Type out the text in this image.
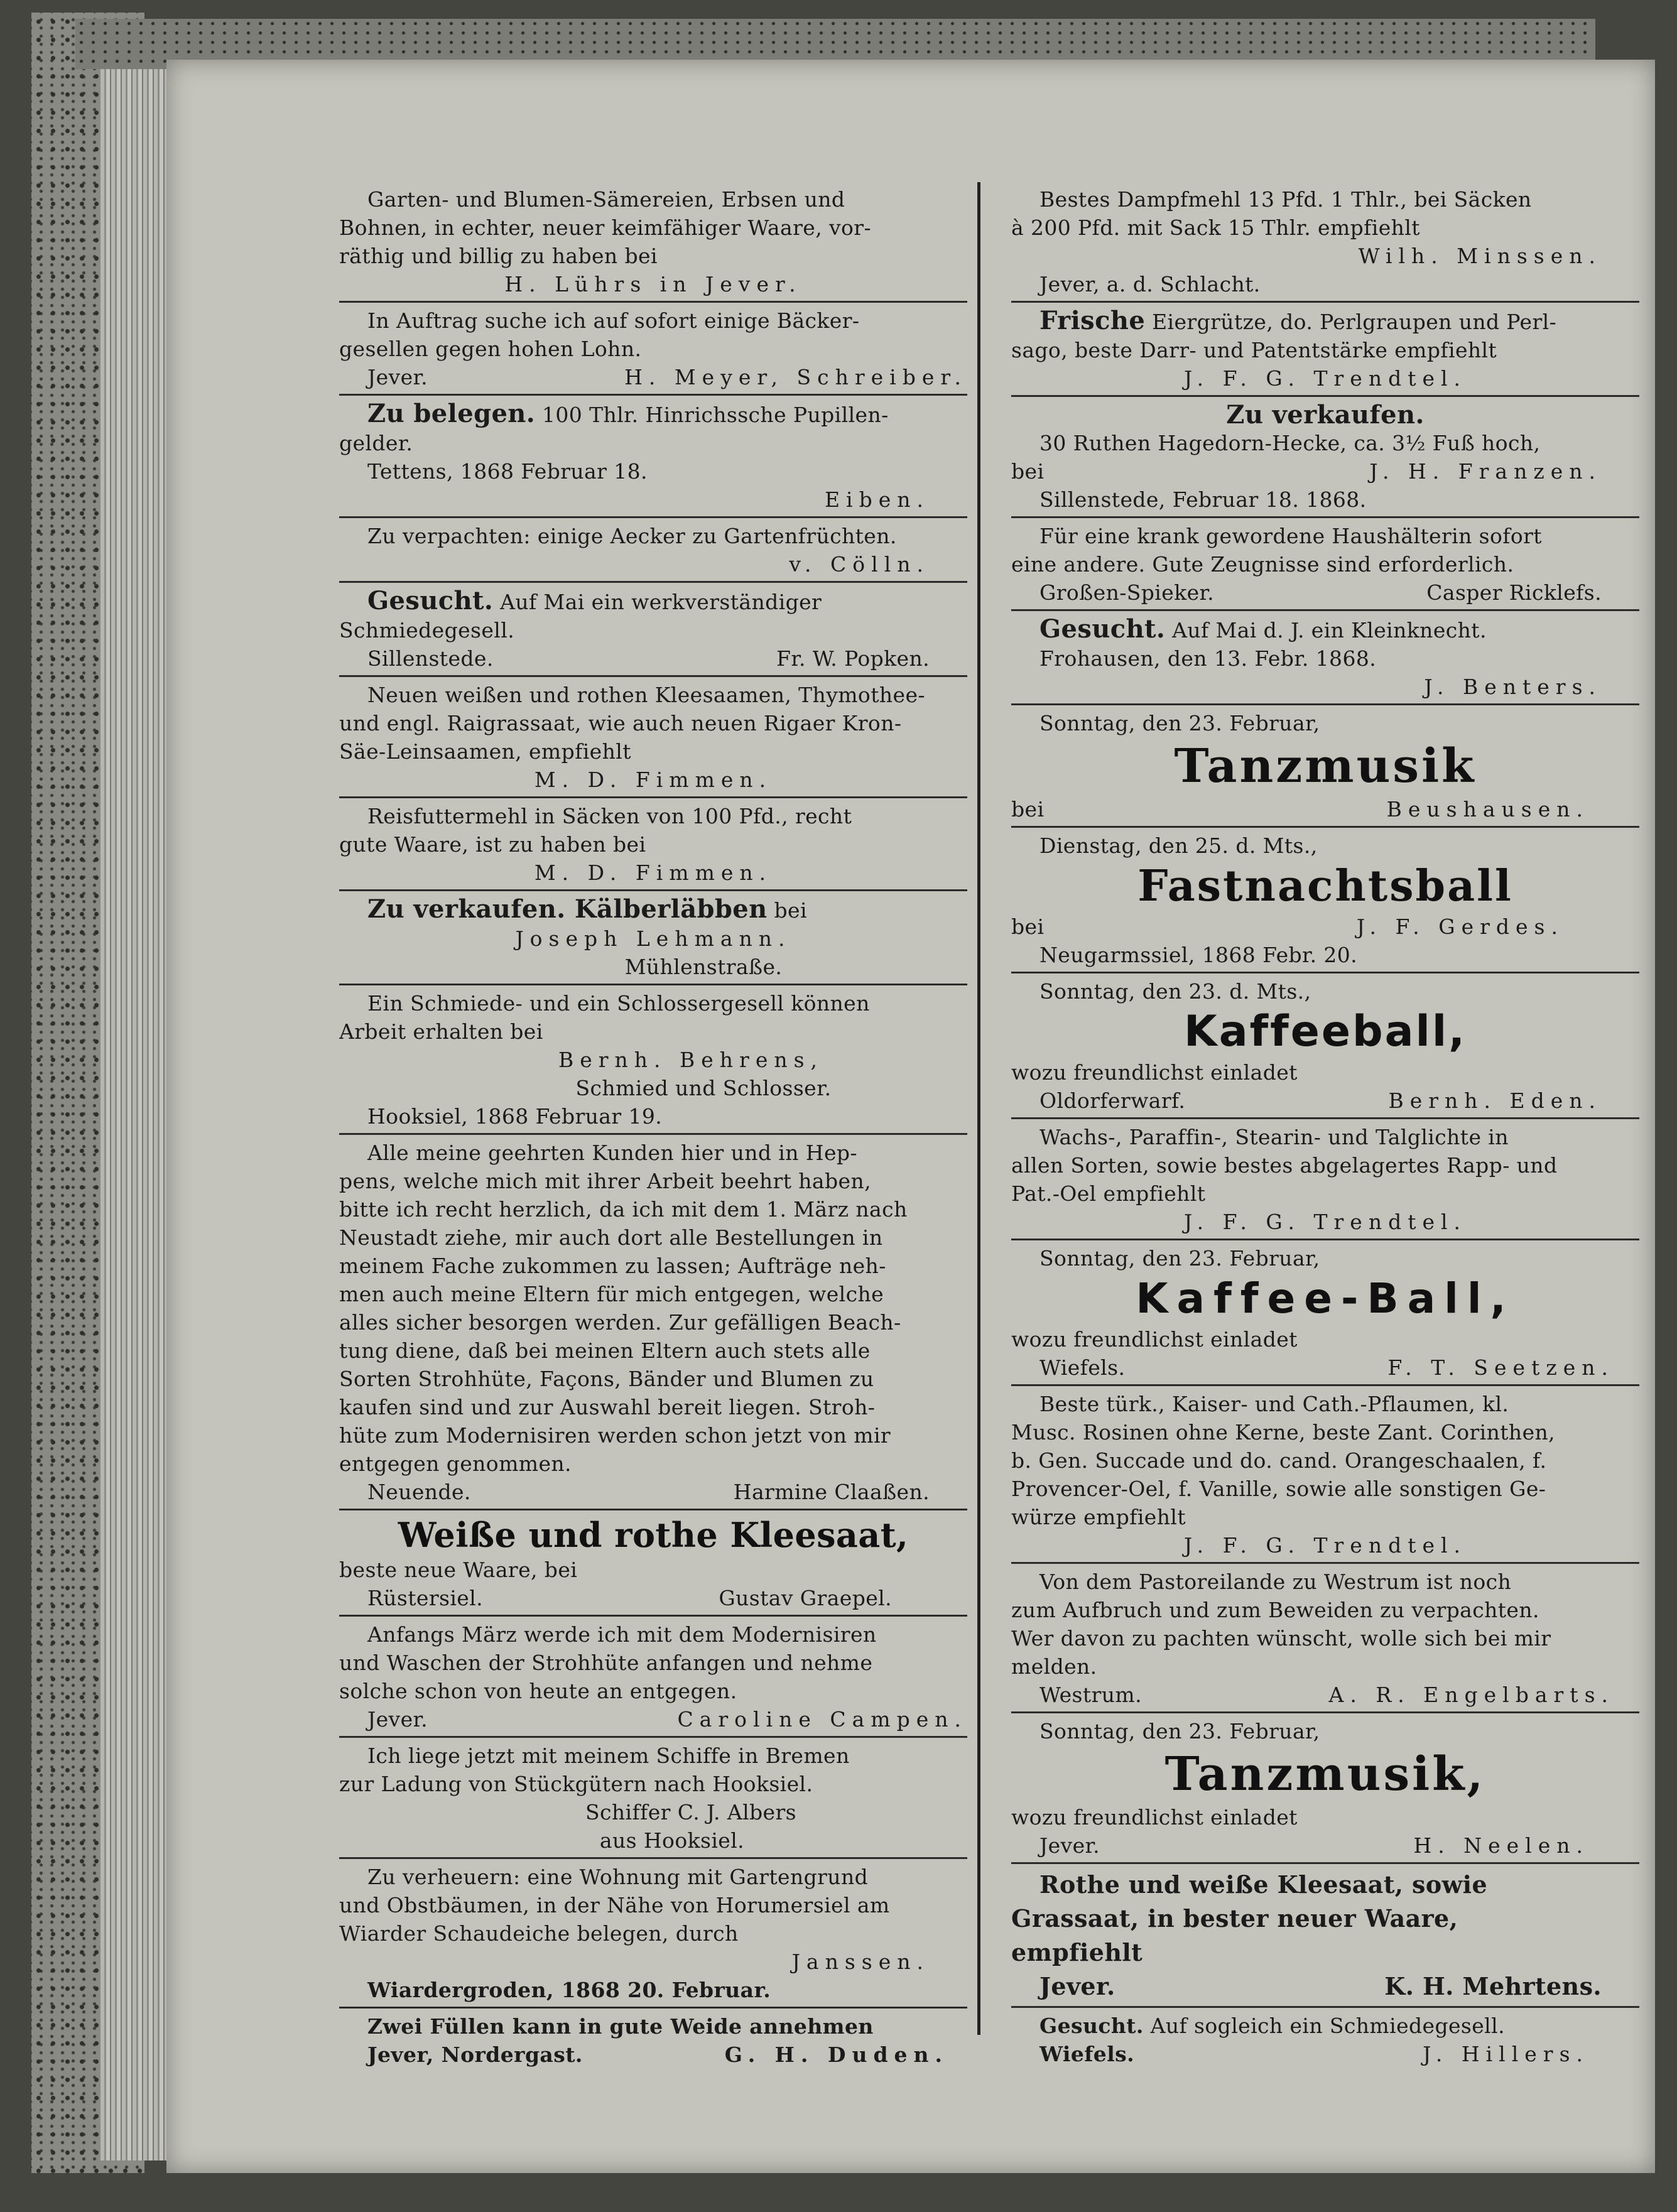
Garten- und Blumen-Sämereien, Erbsen und
Bohnen, in echter, neuer keimfähiger Waare, vor-
räthig und billig zu haben bei
H. Lührs in Jever.
In Auftrag suche ich auf sofort einige Bäcker-
gesellen gegen hohen Lohn.
Jever.	H. Meyer, Schreiber.
Zu belegen. 100 Thlr. Hinrichssche Pupillen-
gelder.
Tettens, 1868 Februar 18.
Eiben.
Zu verpachten: einige Aecker zu Gartenfrüchten.
v. Cölln.
Gesucht. Auf Mai ein werkverständiger
Schmiedegesell.
Sillenstede.	Fr. W. Popken.
Neuen weißen und rothen Kleesaamen, Thymothee-
und engl. Raigrassaat, wie auch neuen Rigaer Kron-
Säe-Leinsaamen, empfiehlt
M. D. Fimmen.
Reisfuttermehl in Säcken von 100 Pfd., recht
gute Waare, ist zu haben bei
M. D. Fimmen.
Zu verkaufen. Kälberläbben bei
Joseph Lehmann.
Mühlenstraße.
Ein Schmiede- und ein Schlossergesell können
Arbeit erhalten bei
Bernh. Behrens,
Schmied und Schlosser.
Hooksiel, 1868 Februar 19.
Alle meine geehrten Kunden hier und in Hep-
pens, welche mich mit ihrer Arbeit beehrt haben,
bitte ich recht herzlich, da ich mit dem 1. März nach
Neustadt ziehe, mir auch dort alle Bestellungen in
meinem Fache zukommen zu lassen; Aufträge neh-
men auch meine Eltern für mich entgegen, welche
alles sicher besorgen werden. Zur gefälligen Beach-
tung diene, daß bei meinen Eltern auch stets alle
Sorten Strohhüte, Façons, Bänder und Blumen zu
kaufen sind und zur Auswahl bereit liegen. Stroh-
hüte zum Modernisiren werden schon jetzt von mir
entgegen genommen.
Neuende.	Harmine Claaßen.
Weiße und rothe Kleesaat,
beste neue Waare, bei
Rüstersiel.	Gustav Graepel.
Anfangs März werde ich mit dem Modernisiren
und Waschen der Strohhüte anfangen und nehme
solche schon von heute an entgegen.
Jever.	Caroline Campen.
Ich liege jetzt mit meinem Schiffe in Bremen
zur Ladung von Stückgütern nach Hooksiel.
Schiffer C. J. Albers
aus Hooksiel.
Zu verheuern: eine Wohnung mit Gartengrund
und Obstbäumen, in der Nähe von Horumersiel am
Wiarder Schaudeiche belegen, durch
Janssen.
Wiardergroden, 1868 20. Februar.
Zwei Füllen kann in gute Weide annehmen
Jever, Nordergast.	G. H. Duden.
Bestes Dampfmehl 13 Pfd. 1 Thlr., bei Säcken
à 200 Pfd. mit Sack 15 Thlr. empfiehlt
Wilh. Minssen.
Jever, a. d. Schlacht.
Frische Eiergrütze, do. Perlgraupen und Perl-
sago, beste Darr- und Patentstärke empfiehlt
J. F. G. Trendtel.
Zu verkaufen.
30 Ruthen Hagedorn-Hecke, ca. 3½ Fuß hoch,
bei	J. H. Franzen.
Sillenstede, Februar 18. 1868.
Für eine krank gewordene Haushälterin sofort
eine andere. Gute Zeugnisse sind erforderlich.
Großen-Spieker.	Casper Ricklefs.
Gesucht. Auf Mai d. J. ein Kleinknecht.
Frohausen, den 13. Febr. 1868.
J. Benters.
Sonntag, den 23. Februar,
Tanzmusik
bei	Beushausen.
Dienstag, den 25. d. Mts.,
Fastnachtsball
bei	J. F. Gerdes.
Neugarmssiel, 1868 Febr. 20.
Sonntag, den 23. d. Mts.,
Kaffeeball,
wozu freundlichst einladet
Oldorferwarf.	Bernh. Eden.
Wachs-, Paraffin-, Stearin- und Talglichte in
allen Sorten, sowie bestes abgelagertes Rapp- und
Pat.-Oel empfiehlt
J. F. G. Trendtel.
Sonntag, den 23. Februar,
Kaffee-Ball,
wozu freundlichst einladet
Wiefels.	F. T. Seetzen.
Beste türk., Kaiser- und Cath.-Pflaumen, kl.
Musc. Rosinen ohne Kerne, beste Zant. Corinthen,
b. Gen. Succade und do. cand. Orangeschaalen, f.
Provencer-Oel, f. Vanille, sowie alle sonstigen Ge-
würze empfiehlt
J. F. G. Trendtel.
Von dem Pastoreilande zu Westrum ist noch
zum Aufbruch und zum Beweiden zu verpachten.
Wer davon zu pachten wünscht, wolle sich bei mir
melden.
Westrum.	A. R. Engelbarts.
Sonntag, den 23. Februar,
Tanzmusik,
wozu freundlichst einladet
Jever.	H. Neelen.
Rothe und weiße Kleesaat, sowie
Grassaat, in bester neuer Waare,
empfiehlt
Jever.	K. H. Mehrtens.
Gesucht. Auf sogleich ein Schmiedegesell.
Wiefels.	J. Hillers.
